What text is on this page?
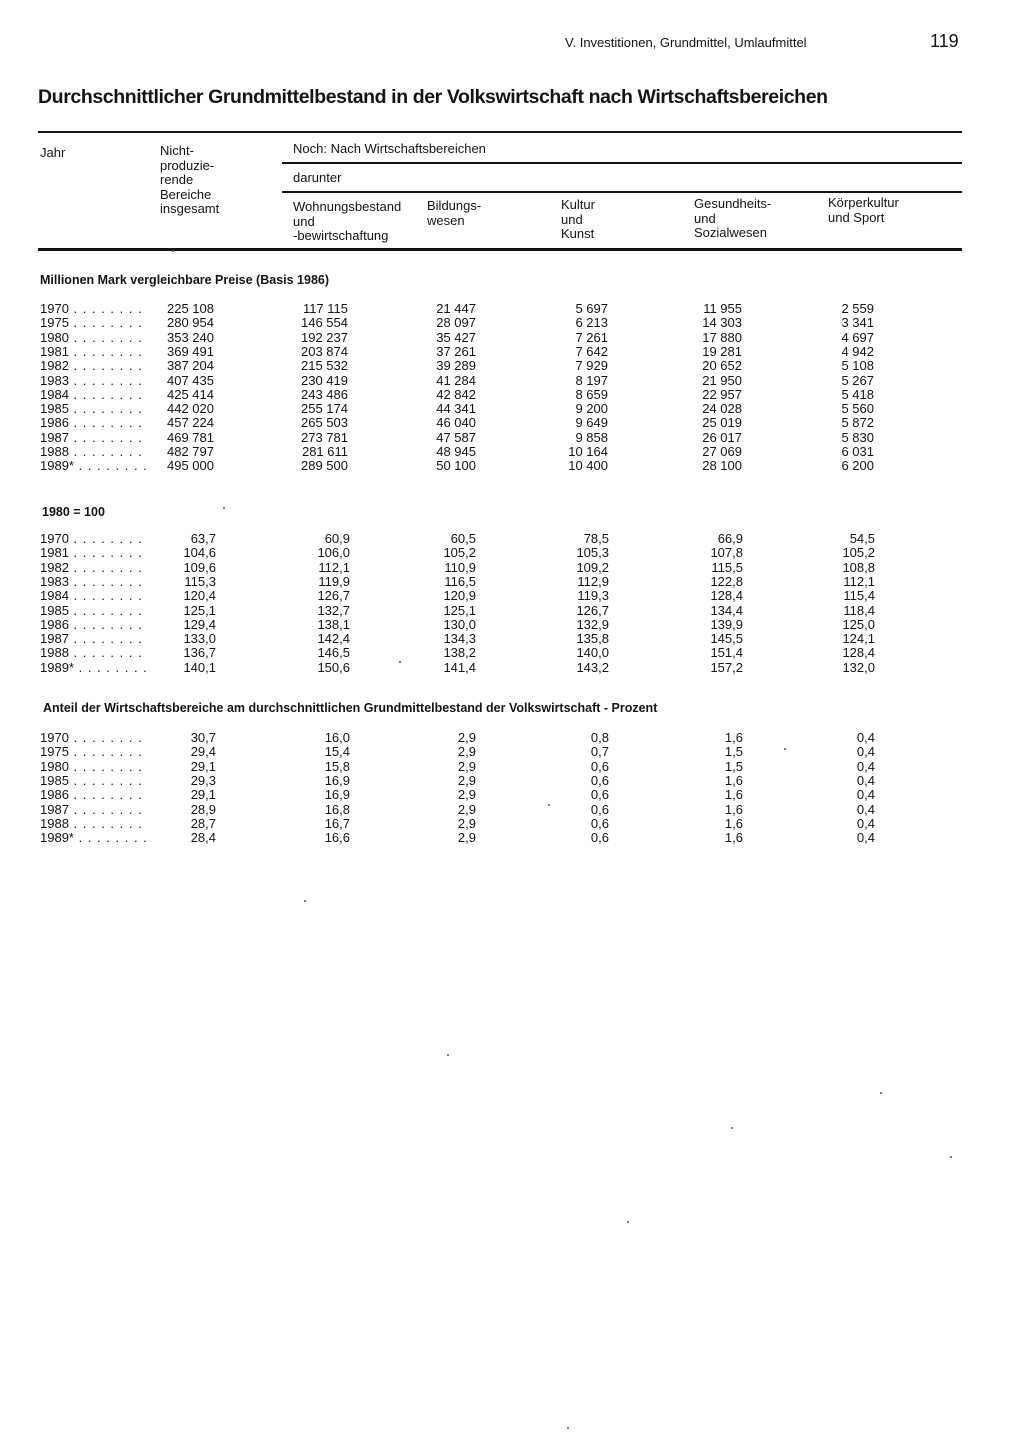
V. Investitionen, Grundmittel, Umlaufmittel	119
Durchschnittlicher Grundmittelbestand in der Volkswirtschaft nach Wirtschaftsbereichen
Jahr	Nicht-
produzie-
rende
Bereiche
insgesamt
Noch: Nach Wirtschaftsbereichen
darunter
Wohnungsbestand
und
-bewirtschaftung
Bildungs-
wesen
Kultur
und
Kunst
Gesundheits-
und
Sozialwesen
Körperkultur
und Sport
Millionen Mark vergleichbare Preise (Basis 1986)
1970 . . .	225 108	117 115	21 447	5 697	11 955	2 559
1975 . . .	280 954	146 554	28 097	6 213	14 303	3 341
1980 . . .	353 240	192 237	35 427	7 261	17 880	4 697
1981 . . .	369 491	203 874	37 261	7 642	19 281	4 942
1982 . . .	387 204	215 532	39 289	7 929	20 652	5 108
1983 . . .	407 435	230 419	41 284	8 197	21 950	5 267
1984 . . .	425 414	243 486	42 842	8 659	22 957	5 418
1985 . . .	442 020	255 174	44 341	9 200	24 028	5 560
1986 . . .	457 224	265 503	46 040	9 649	25 019	5 872
1987 . . .	469 781	273 781	47 587	9 858	26 017	5 830
1988 . . .	482 797	281 611	48 945	10 164	27 069	6 031
1989* . . .	495 000	289 500	50 100	10 400	28 100	6 200
1980 = 100
1970 . . .	63,7	60,9	60,5	78,5	66,9	54,5
1981 . . .	104,6	106,0	105,2	105,3	107,8	105,2
1982 . . .	109,6	112,1	110,9	109,2	115,5	108,8
1983 . . .	115,3	119,9	116,5	112,9	122,8	112,1
1984 . . .	120,4	126,7	120,9	119,3	128,4	115,4
1985 . . .	125,1	132,7	125,1	126,7	134,4	118,4
1986 . . .	129,4	138,1	130,0	132,9	139,9	125,0
1987 . . .	133,0	142,4	134,3	135,8	145,5	124,1
1988 . . .	136,7	146,5	138,2	140,0	151,4	128,4
1989* . . .	140,1	150,6	141,4	143,2	157,2	132,0
Anteil der Wirtschaftsbereiche am durchschnittlichen Grundmittelbestand der Volkswirtschaft - Prozent
1970 . . .	30,7	16,0	2,9	0,8	1,6	0,4
1975 . . .	29,4	15,4	2,9	0,7	1,5	0,4
1980 . . .	29,1	15,8	2,9	0,6	1,5	0,4
1985 . . .	29,3	16,9	2,9	0,6	1,6	0,4
1986 . . .	29,1	16,9	2,9	0,6	1,6	0,4
1987 . . .	28,9	16,8	2,9	0,6	1,6	0,4
1988 . . .	28,7	16,7	2,9	0,6	1,6	0,4
1989* . . .	28,4	16,6	2,9	0,6	1,6	0,4
